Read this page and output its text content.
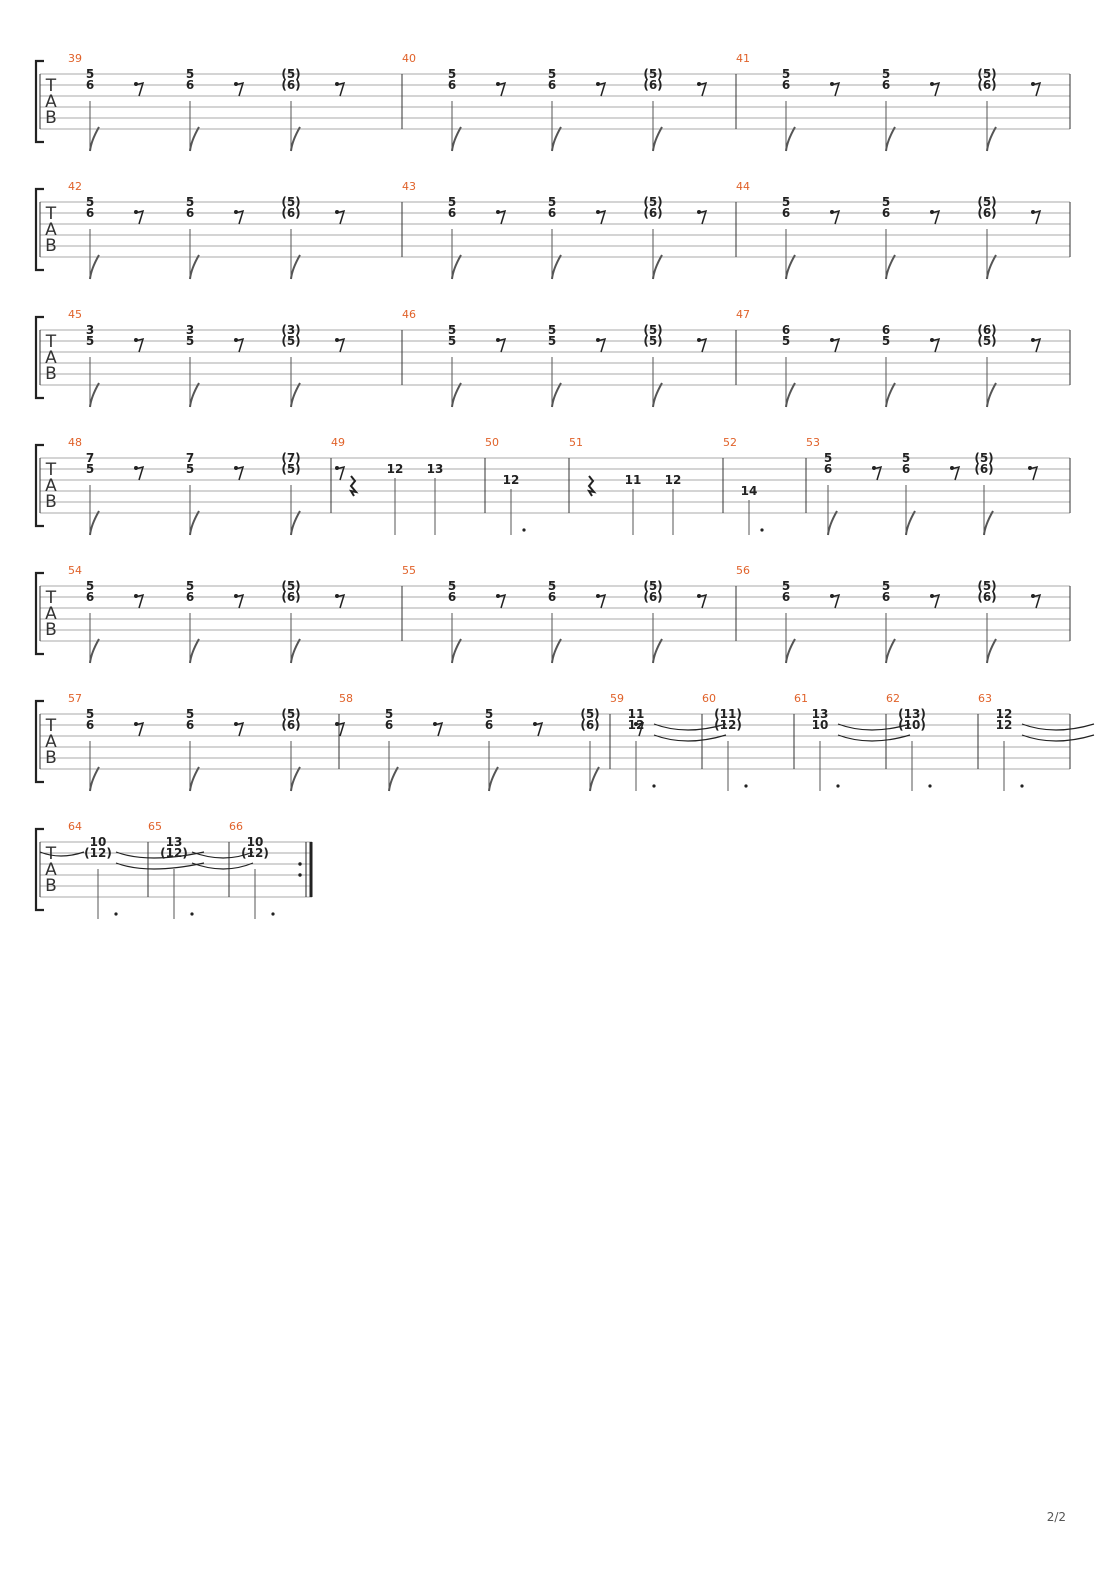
T
A
B
39
5
6
5
6
(5)
(6)
40
5
6
5
6
(5)
(6)
41
5
6
5
6
(5)
(6)
T
A
B
42
5
6
5
6
(5)
(6)
43
5
6
5
6
(5)
(6)
44
5
6
5
6
(5)
(6)
T
A
B
45
3
5
3
5
(3)
(5)
46
5
5
5
5
(5)
(5)
47
6
5
6
5
(6)
(5)
T
A
B
48
7
5
7
5
(7)
(5)
49
12 13
50
12
51
11 12
52
14
53
5
6
5
6
(5)
(6)
T
A
B
54
5
6
5
6
(5)
(6)
55
5
6
5
6
(5)
(6)
56
5
6
5
6
(5)
(6)
T
A
B
57
5
6
5
6
(5)
(6)
58
5
6
5
6
(5)
(6)
59
11
12
60
(11)
(12)
61
13
10
62
(13)
(10)
63
12
12
T
A
B
64
10
(12)
65
13
(12)
66
10
(12)
2/2
